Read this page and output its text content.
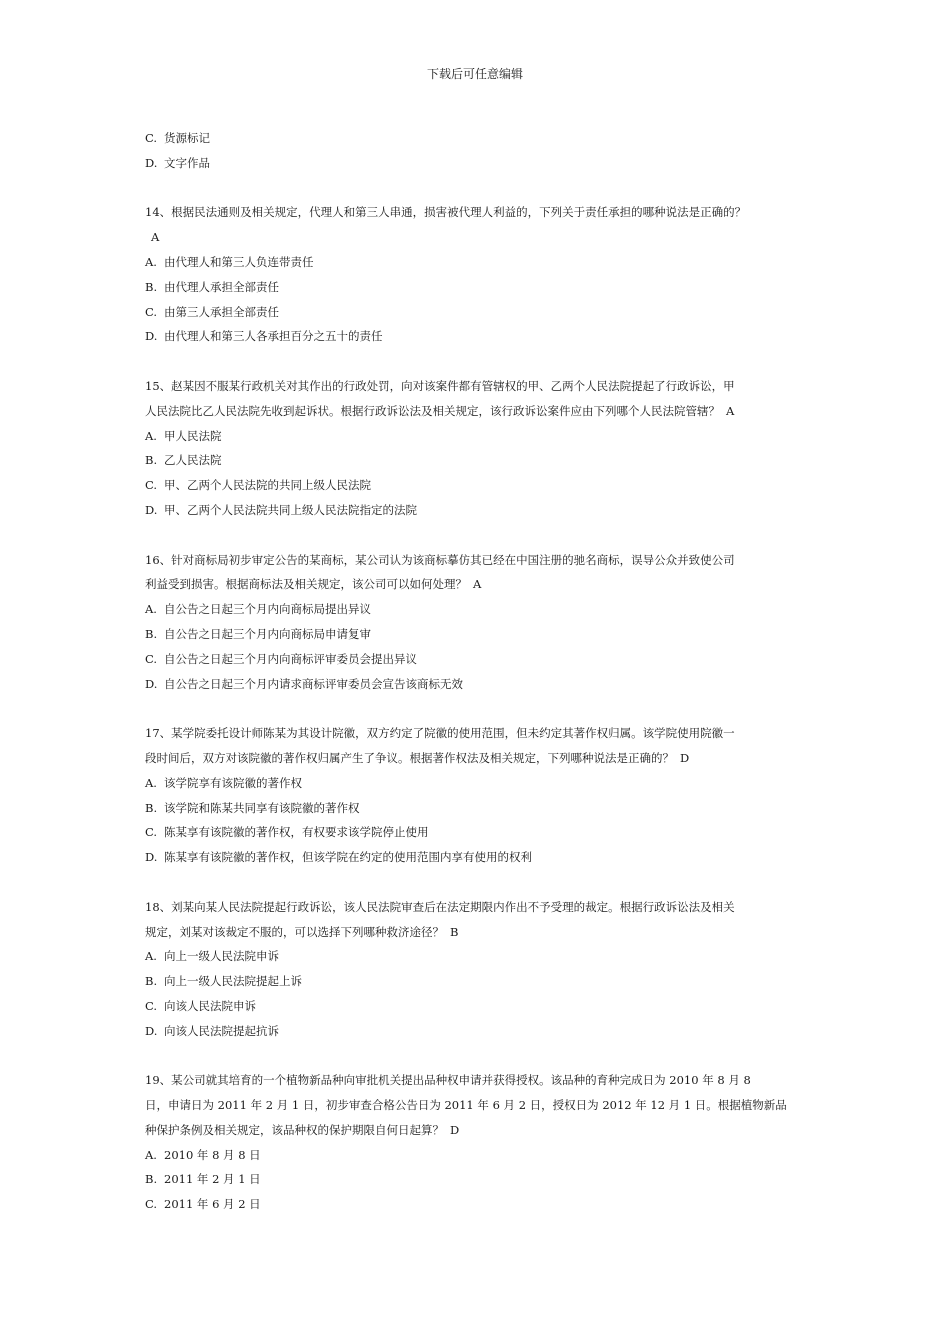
下载后可任意编辑
C. 货源标记
D. 文字作品
14、根据民法通则及相关规定，代理人和第三人串通，损害被代理人利益的，下列关于责任承担的哪种说法是正确的？
A
A. 由代理人和第三人负连带责任
B. 由代理人承担全部责任
C. 由第三人承担全部责任
D. 由代理人和第三人各承担百分之五十的责任
15、赵某因不服某行政机关对其作出的行政处罚，向对该案件都有管辖权的甲、乙两个人民法院提起了行政诉讼，甲
人民法院比乙人民法院先收到起诉状。根据行政诉讼法及相关规定，该行政诉讼案件应由下列哪个人民法院管辖？ A
A. 甲人民法院
B. 乙人民法院
C. 甲、乙两个人民法院的共同上级人民法院
D. 甲、乙两个人民法院共同上级人民法院指定的法院
16、针对商标局初步审定公告的某商标，某公司认为该商标摹仿其已经在中国注册的驰名商标，误导公众并致使公司
利益受到损害。根据商标法及相关规定，该公司可以如何处理？ A
A. 自公告之日起三个月内向商标局提出异议
B. 自公告之日起三个月内向商标局申请复审
C. 自公告之日起三个月内向商标评审委员会提出异议
D. 自公告之日起三个月内请求商标评审委员会宣告该商标无效
17、某学院委托设计师陈某为其设计院徽，双方约定了院徽的使用范围，但未约定其著作权归属。该学院使用院徽一
段时间后，双方对该院徽的著作权归属产生了争议。根据著作权法及相关规定，下列哪种说法是正确的？ D
A. 该学院享有该院徽的著作权
B. 该学院和陈某共同享有该院徽的著作权
C. 陈某享有该院徽的著作权，有权要求该学院停止使用
D. 陈某享有该院徽的著作权，但该学院在约定的使用范围内享有使用的权利
18、刘某向某人民法院提起行政诉讼，该人民法院审查后在法定期限内作出不予受理的裁定。根据行政诉讼法及相关
规定，刘某对该裁定不服的，可以选择下列哪种救济途径？ B
A. 向上一级人民法院申诉
B. 向上一级人民法院提起上诉
C. 向该人民法院申诉
D. 向该人民法院提起抗诉
19、某公司就其培育的一个植物新品种向审批机关提出品种权申请并获得授权。该品种的育种完成日为 2010 年 8 月 8
日，申请日为 2011 年 2 月 1 日，初步审查合格公告日为 2011 年 6 月 2 日，授权日为 2012 年 12 月 1 日。根据植物新品
种保护条例及相关规定，该品种权的保护期限自何日起算？ D
A. 2010 年 8 月 8 日
B. 2011 年 2 月 1 日
C. 2011 年 6 月 2 日
